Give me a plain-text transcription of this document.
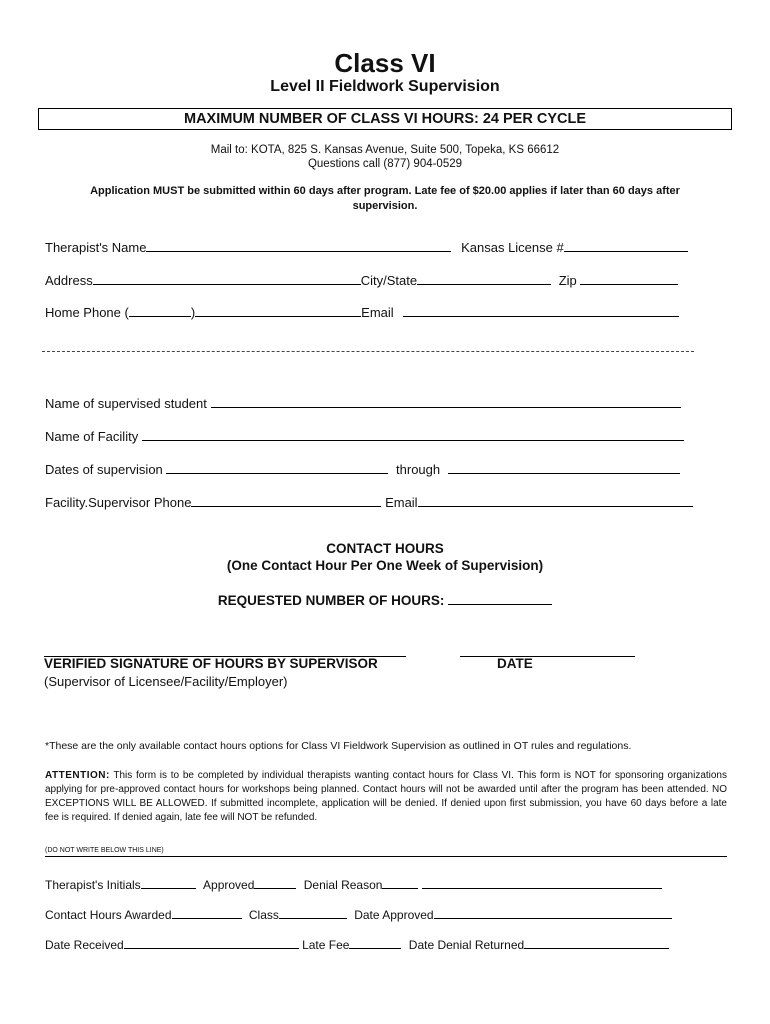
Class VI
Level II Fieldwork Supervision
MAXIMUM NUMBER OF CLASS VI HOURS: 24 PER CYCLE
Mail to: KOTA, 825 S. Kansas Avenue, Suite 500, Topeka, KS 66612
Questions call (877) 904-0529
Application MUST be submitted within 60 days after program. Late fee of $20.00 applies if later than 60 days after supervision.
Therapist's Name	Kansas License #
Address	City/State	Zip
Home Phone (	)	Email
Name of supervised student
Name of Facility
Dates of supervision	through
Facility.Supervisor Phone	Email
CONTACT HOURS
(One Contact Hour Per One Week of Supervision)
REQUESTED NUMBER OF HOURS:
VERIFIED SIGNATURE OF HOURS BY SUPERVISOR	DATE
(Supervisor of Licensee/Facility/Employer)
*These are the only available contact hours options for Class VI Fieldwork Supervision as outlined in OT rules and regulations.
ATTENTION: This form is to be completed by individual therapists wanting contact hours for Class VI. This form is NOT for sponsoring organizations applying for pre-approved contact hours for workshops being planned. Contact hours will not be awarded until after the program has been attended. NO EXCEPTIONS WILL BE ALLOWED. If submitted incomplete, application will be denied. If denied upon first submission, you have 60 days before a late fee is required. If denied again, late fee will NOT be refunded.
(DO NOT WRITE BELOW THIS LINE)
Therapist's Initials	Approved	Denial Reason
Contact Hours Awarded	Class	Date Approved
Date Received	Late Fee	Date Denial Returned
